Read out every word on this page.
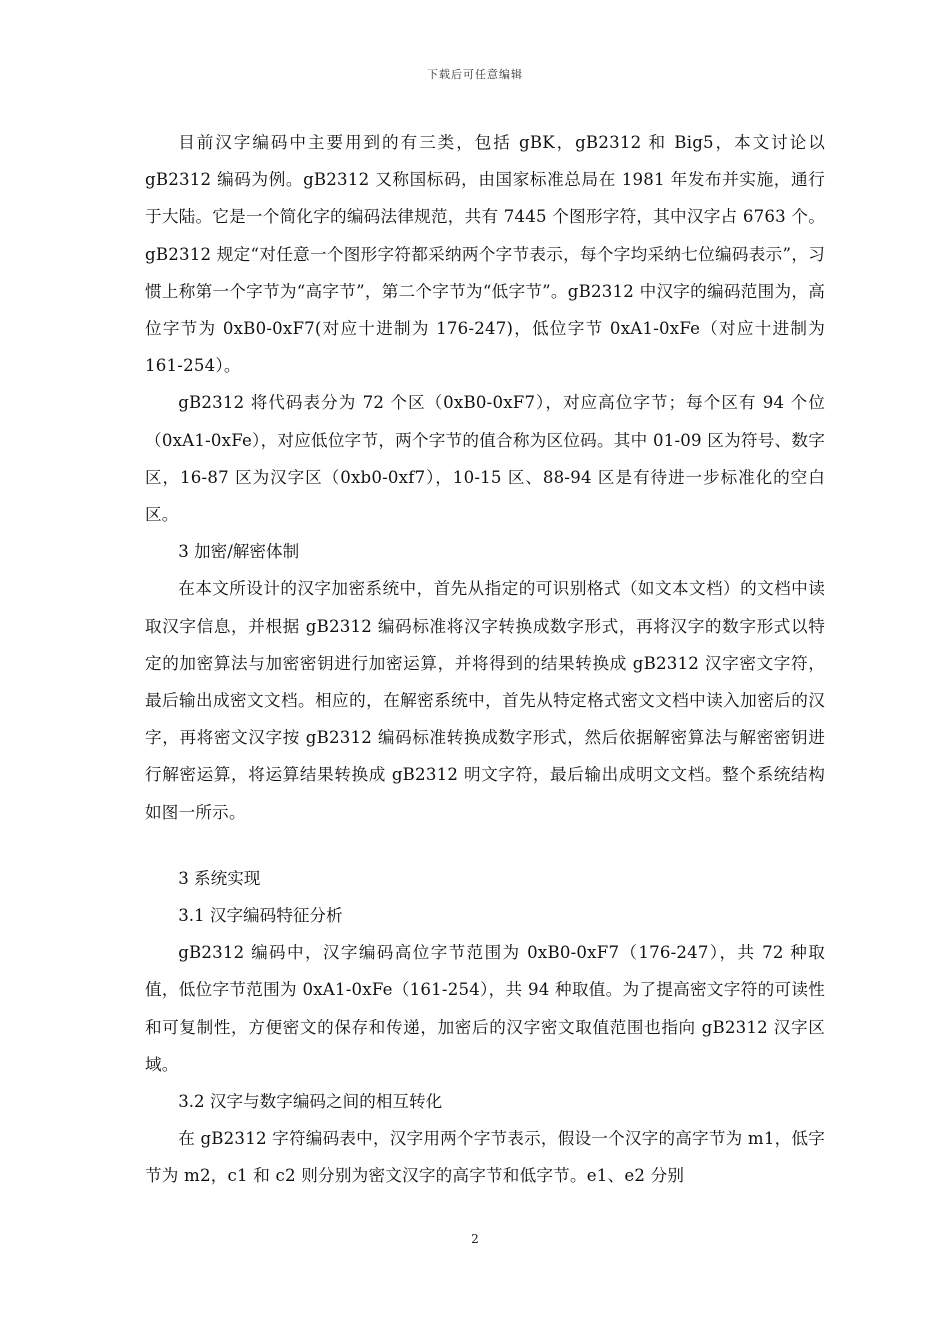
下载后可任意编辑

目前汉字编码中主要用到的有三类，包括 gBK，gB2312 和 Big5，本文讨论以 gB2312 编码为例。gB2312 又称国标码，由国家标准总局在 1981 年发布并实施，通行于大陆。它是一个简化字的编码法律规范，共有 7445 个图形字符，其中汉字占 6763 个。gB2312 规定“对任意一个图形字符都采纳两个字节表示，每个字均采纳七位编码表示”，习惯上称第一个字节为“高字节”，第二个字节为“低字节”。gB2312 中汉字的编码范围为，高位字节为 0xB0-0xF7(对应十进制为 176-247)，低位字节 0xA1-0xFe（对应十进制为 161-254）。

gB2312 将代码表分为 72 个区（0xB0-0xF7），对应高位字节；每个区有 94 个位（0xA1-0xFe），对应低位字节，两个字节的值合称为区位码。其中 01-09 区为符号、数字区，16-87 区为汉字区（0xb0-0xf7），10-15 区、88-94 区是有待进一步标准化的空白区。

3 加密/解密体制

在本文所设计的汉字加密系统中，首先从指定的可识别格式（如文本文档）的文档中读取汉字信息，并根据 gB2312 编码标准将汉字转换成数字形式，再将汉字的数字形式以特定的加密算法与加密密钥进行加密运算，并将得到的结果转换成 gB2312 汉字密文字符，最后输出成密文文档。相应的，在解密系统中，首先从特定格式密文文档中读入加密后的汉字，再将密文汉字按 gB2312 编码标准转换成数字形式，然后依据解密算法与解密密钥进行解密运算，将运算结果转换成 gB2312 明文字符，最后输出成明文文档。整个系统结构如图一所示。

3 系统实现

3.1 汉字编码特征分析

gB2312 编码中，汉字编码高位字节范围为 0xB0-0xF7（176-247），共 72 种取值，低位字节范围为 0xA1-0xFe（161-254），共 94 种取值。为了提高密文字符的可读性和可复制性，方便密文的保存和传递，加密后的汉字密文取值范围也指向 gB2312 汉字区域。

3.2 汉字与数字编码之间的相互转化

在 gB2312 字符编码表中，汉字用两个字节表示，假设一个汉字的高字节为 m1，低字节为 m2，c1 和 c2 则分别为密文汉字的高字节和低字节。e1、e2 分别

2
